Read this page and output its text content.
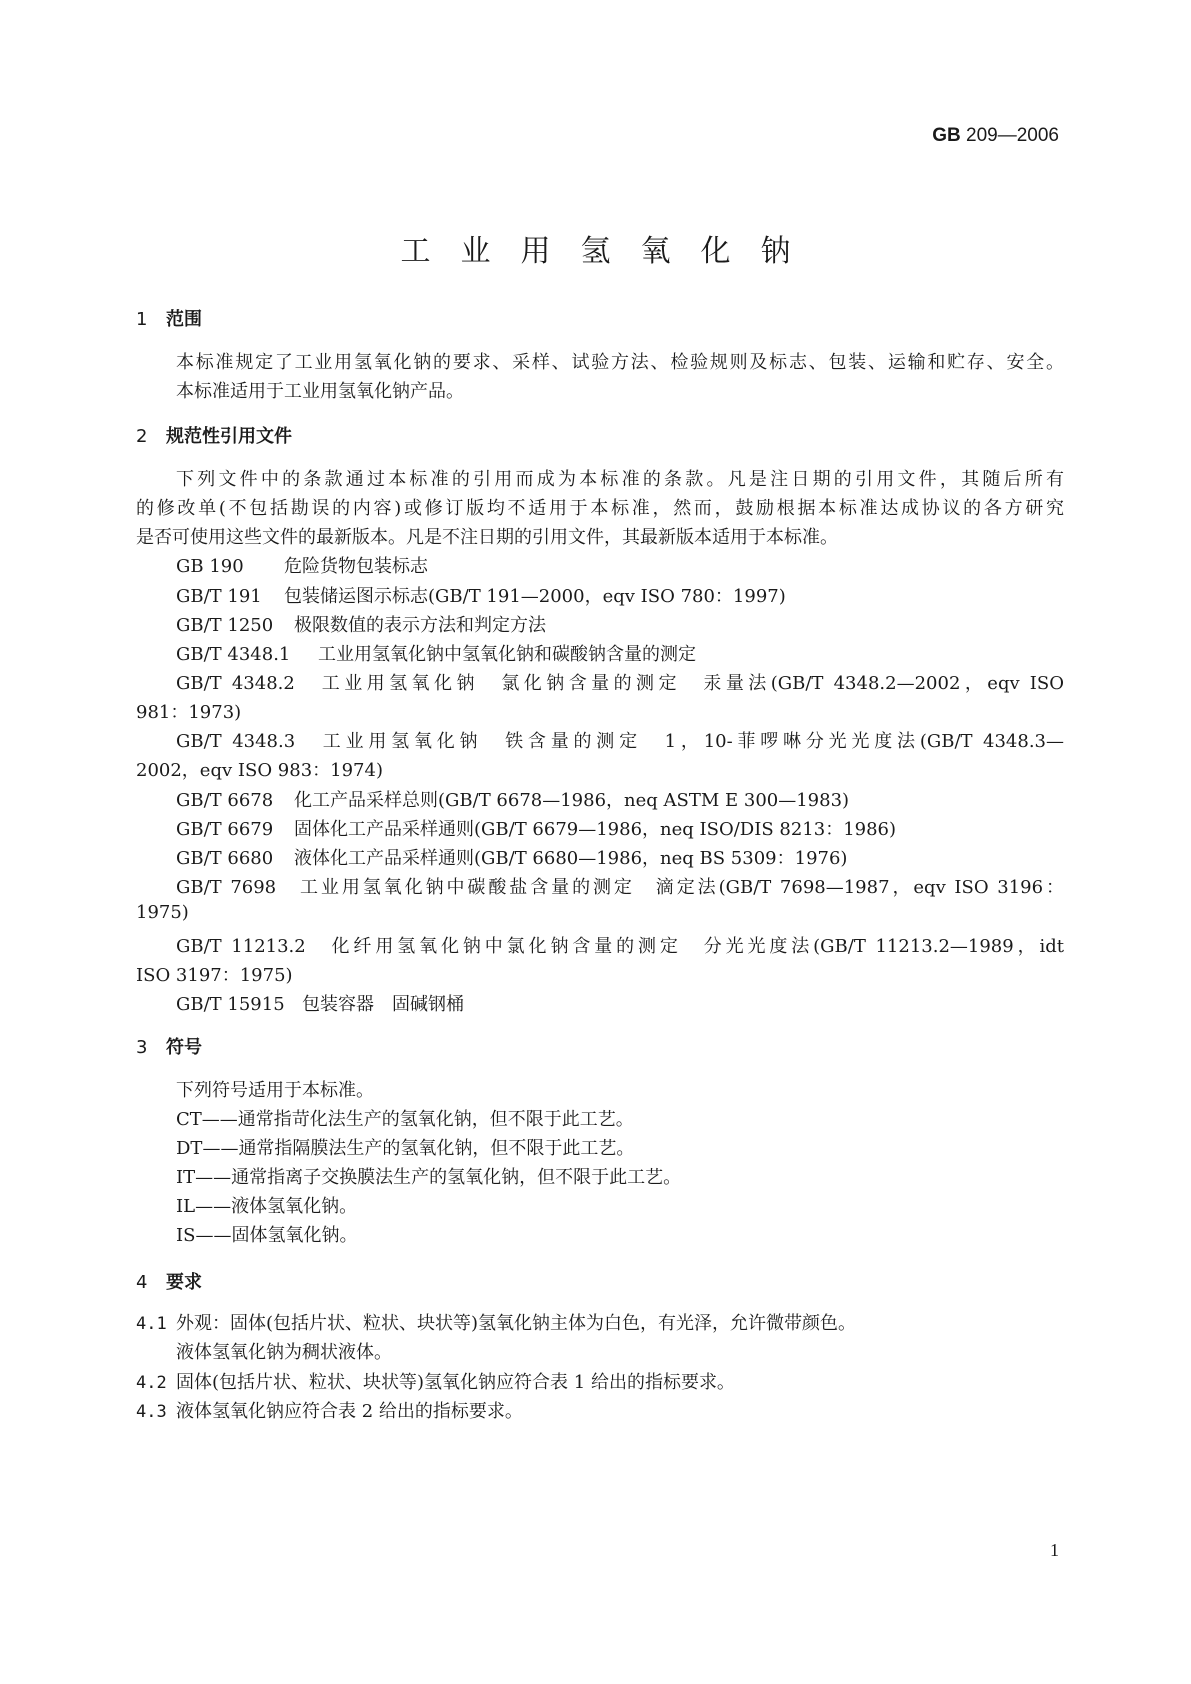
GB 209—2006
工业用氢氧化钠
1 范围
本标准规定了工业用氢氧化钠的要求、采样、试验方法、检验规则及标志、包装、运输和贮存、安全。
本标准适用于工业用氢氧化钠产品。
2 规范性引用文件
下列文件中的条款通过本标准的引用而成为本标准的条款。凡是注日期的引用文件，其随后所有
的修改单(不包括勘误的内容)或修订版均不适用于本标准，然而，鼓励根据本标准达成协议的各方研究
是否可使用这些文件的最新版本。凡是不注日期的引用文件，其最新版本适用于本标准。
GB 190 危险货物包装标志
GB/T 191 包装储运图示标志(GB/T 191—2000，eqv ISO 780：1997)
GB/T 1250 极限数值的表示方法和判定方法
GB/T 4348.1 工业用氢氧化钠中氢氧化钠和碳酸钠含量的测定
GB/T 4348.2　 工业用氢氧化钠　氯化钠含量的测定　汞量法(GB/T 4348.2—2002，eqv ISO
981：1973)
GB/T 4348.3　 工业用氢氧化钠　铁含量的测定　1，10-菲啰啉分光光度法(GB/T 4348.3—
2002，eqv ISO 983：1974)
GB/T 6678 化工产品采样总则(GB/T 6678—1986，neq ASTM E 300—1983)
GB/T 6679 固体化工产品采样通则(GB/T 6679—1986，neq ISO/DIS 8213：1986)
GB/T 6680 液体化工产品采样通则(GB/T 6680—1986，neq BS 5309：1976)
GB/T 7698　 工业用氢氧化钠中碳酸盐含量的测定　滴定法(GB/T 7698—1987，eqv ISO 3196：
1975)
GB/T 11213.2　 化纤用氢氧化钠中氯化钠含量的测定　分光光度法(GB/T 11213.2—1989，idt
ISO 3197：1975)
GB/T 15915 包装容器　固碱钢桶
3 符号
下列符号适用于本标准。
CT——通常指苛化法生产的氢氧化钠，但不限于此工艺。
DT——通常指隔膜法生产的氢氧化钠，但不限于此工艺。
IT——通常指离子交换膜法生产的氢氧化钠，但不限于此工艺。
IL——液体氢氧化钠。
IS——固体氢氧化钠。
4 要求
4.1 外观：固体(包括片状、粒状、块状等)氢氧化钠主体为白色，有光泽，允许微带颜色。
液体氢氧化钠为稠状液体。
4.2 固体(包括片状、粒状、块状等)氢氧化钠应符合表 1 给出的指标要求。
4.3 液体氢氧化钠应符合表 2 给出的指标要求。
1
